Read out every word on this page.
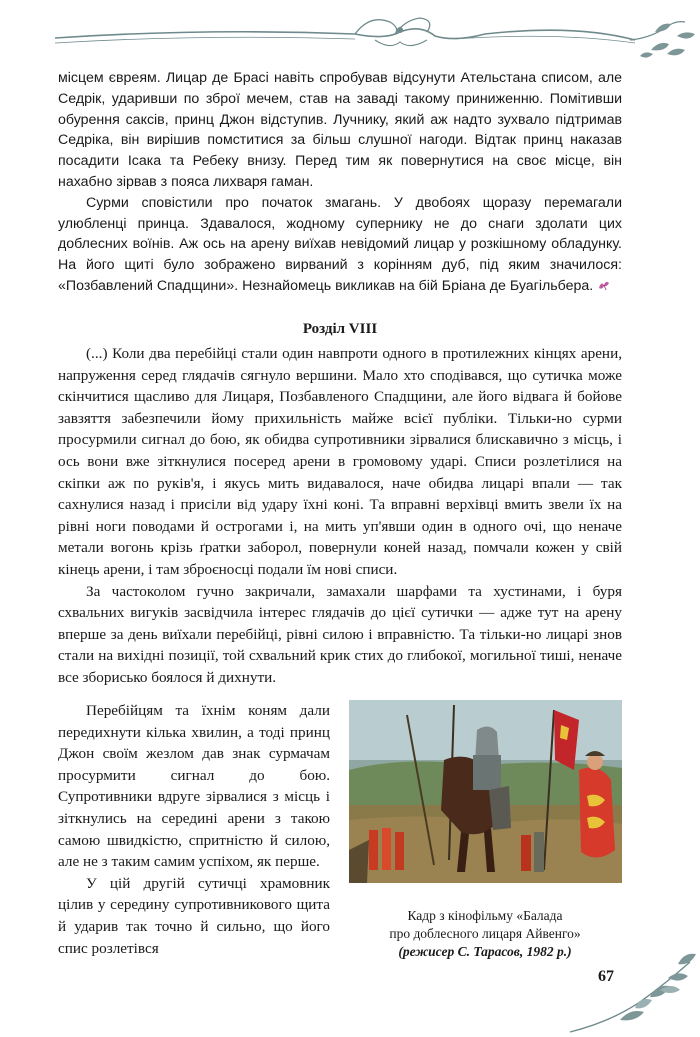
місцем євреям. Лицар де Брасі навіть спробував відсунути Ательстана списом, але Седрік, ударивши по зброї мечем, став на заваді такому приниженню. Помітивши обурення саксів, принц Джон відступив. Лучнику, який аж надто зухвало підтримав Седріка, він вирішив помститися за більш слушної нагоди. Відтак принц наказав посадити Ісака та Ребеку внизу. Перед тим як повернутися на своє місце, він нахабно зірвав з пояса лихваря гаман.

Сурми сповістили про початок змагань. У двобоях щоразу перемагали улюбленці принца. Здавалося, жодному супернику не до снаги здолати цих доблесних воїнів. Аж ось на арену виїхав невідомий лицар у розкішному обладунку. На його щиті було зображено вирваний з корінням дуб, під яким значилося: «Позбавлений Спадщини». Незнайомець викликав на бій Бріана де Буагільбера.

Розділ VIII

(...) Коли два перебійці стали один навпроти одного в протилежних кінцях арени, напруження серед глядачів сягнуло вершини. Мало хто сподівався, що сутичка може скінчитися щасливо для Лицаря, Позбавленого Спадщини, але його відвага й бойове завзяття забезпечили йому прихильність майже всієї публіки. Тільки-но сурми просурмили сигнал до бою, як обидва супротивники зірвалися блискавично з місць, і ось вони вже зіткнулися посеред арени в громовому ударі. Списи розлетілися на скіпки аж по руків'я, і якусь мить видавалося, наче обидва лицарі впали — так сахнулися назад і присіли від удару їхні коні. Та вправні верхівці вмить звели їх на рівні ноги поводами й острогами і, на мить уп'явши один в одного очі, що неначе метали вогонь крізь ґратки заборол, повернули коней назад, помчали кожен у свій кінець арени, і там зброєносці подали їм нові списи.

За частоколом гучно закричали, замахали шарфами та хустинами, і буря схвальних вигуків засвідчила інтерес глядачів до цієї сутички — адже тут на арену вперше за день виїхали перебійці, рівні силою і вправністю. Та тільки-но лицарі знов стали на вихідні позиції, той схвальний крик стих до глибокої, могильної тиші, неначе все зборисько боялося й дихнути.

Перебійцям та їхнім коням дали передихнути кілька хвилин, а тоді принц Джон своїм жезлом дав знак сурмачам просурмити сигнал до бою. Супротивники вдруге зірвалися з місць і зіткнулись на середині арени з такою самою швидкістю, спритністю й силою, але не з таким самим успіхом, як перше.

У цій другій сутичці храмовник цілив у середину супротивникового щита й ударив так точно й сильно, що його спис розлетівся

Кадр з кінофільму «Балада
про доблесного лицаря Айвенго»
(режисер С. Тарасов, 1982 р.)
67
